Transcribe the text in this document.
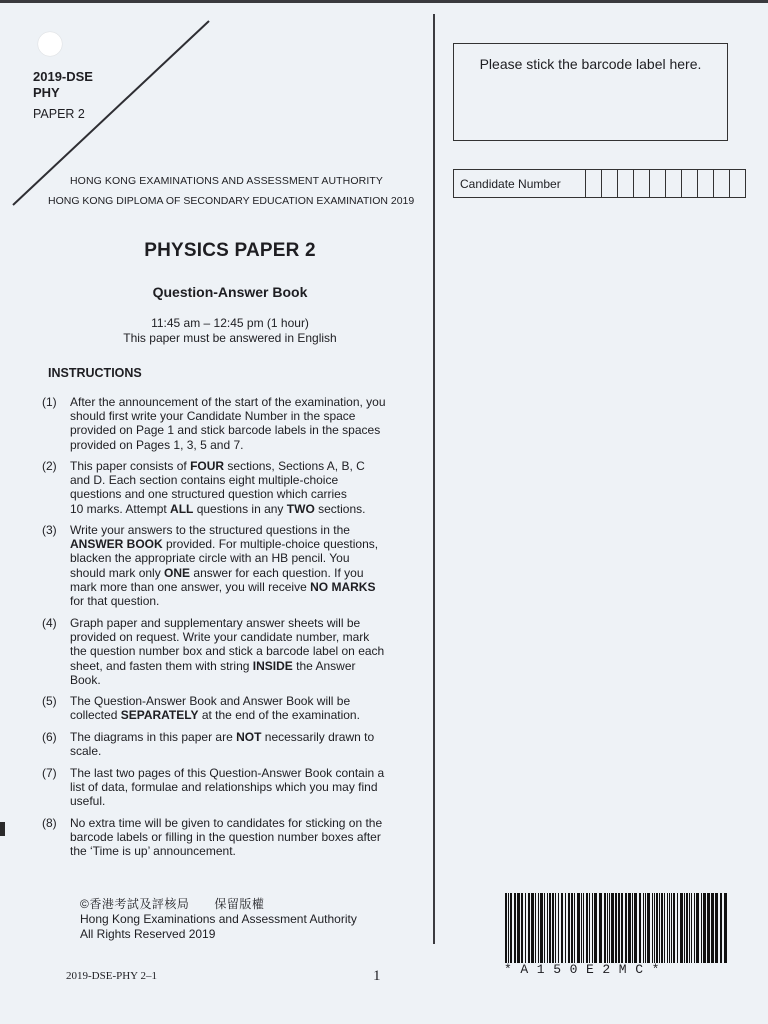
2019-DSE
PHY
PAPER 2
HONG KONG EXAMINATIONS AND ASSESSMENT AUTHORITY
HONG KONG DIPLOMA OF SECONDARY EDUCATION EXAMINATION 2019
PHYSICS PAPER 2
Question-Answer Book
11:45 am – 12:45 pm (1 hour)
This paper must be answered in English
INSTRUCTIONS
(1) After the announcement of the start of the examination, you
should first write your Candidate Number in the space
provided on Page 1 and stick barcode labels in the spaces
provided on Pages 1, 3, 5 and 7.
(2) This paper consists of FOUR sections, Sections A, B, C
and D. Each section contains eight multiple-choice
questions and one structured question which carries
10 marks. Attempt ALL questions in any TWO sections.
(3) Write your answers to the structured questions in the
ANSWER BOOK provided. For multiple-choice questions,
blacken the appropriate circle with an HB pencil. You
should mark only ONE answer for each question. If you
mark more than one answer, you will receive NO MARKS
for that question.
(4) Graph paper and supplementary answer sheets will be
provided on request. Write your candidate number, mark
the question number box and stick a barcode label on each
sheet, and fasten them with string INSIDE the Answer
Book.
(5) The Question-Answer Book and Answer Book will be
collected SEPARATELY at the end of the examination.
(6) The diagrams in this paper are NOT necessarily drawn to
scale.
(7) The last two pages of this Question-Answer Book contain a
list of data, formulae and relationships which you may find
useful.
(8) No extra time will be given to candidates for sticking on the
barcode labels or filling in the question number boxes after
the ‘Time is up’ announcement.
©香港考試及評核局　　保留版權
Hong Kong Examinations and Assessment Authority
All Rights Reserved 2019
2019-DSE-PHY 2–1	1
Please stick the barcode label here.
Candidate Number
*A150E2MC*
